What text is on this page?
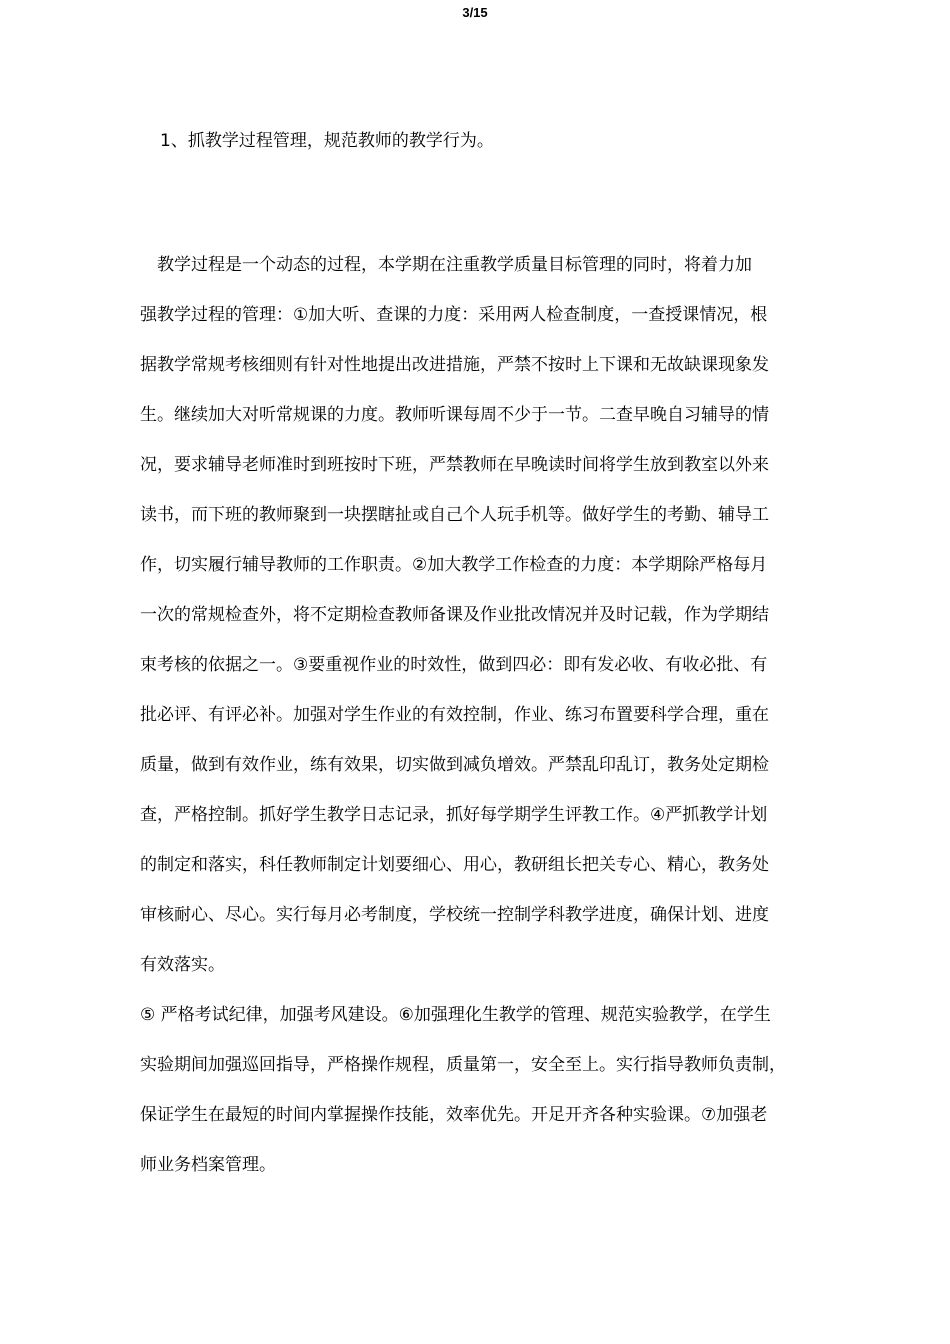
3/15
1、抓教学过程管理，规范教师的教学行为。
　教学过程是一个动态的过程，本学期在注重教学质量目标管理的同时，将着力加
强教学过程的管理：①加大听、查课的力度：采用两人检查制度，一查授课情况，根
据教学常规考核细则有针对性地提出改进措施，严禁不按时上下课和无故缺课现象发
生。继续加大对听常规课的力度。教师听课每周不少于一节。二查早晚自习辅导的情
况，要求辅导老师准时到班按时下班，严禁教师在早晚读时间将学生放到教室以外来
读书，而下班的教师聚到一块摆瞎扯或自己个人玩手机等。做好学生的考勤、辅导工
作，切实履行辅导教师的工作职责。②加大教学工作检查的力度：本学期除严格每月
一次的常规检查外，将不定期检查教师备课及作业批改情况并及时记载，作为学期结
束考核的依据之一。③要重视作业的时效性，做到四必：即有发必收、有收必批、有
批必评、有评必补。加强对学生作业的有效控制，作业、练习布置要科学合理，重在
质量，做到有效作业，练有效果，切实做到减负增效。严禁乱印乱订，教务处定期检
查，严格控制。抓好学生教学日志记录，抓好每学期学生评教工作。④严抓教学计划
的制定和落实，科任教师制定计划要细心、用心，教研组长把关专心、精心，教务处
审核耐心、尽心。实行每月必考制度，学校统一控制学科教学进度，确保计划、进度
有效落实。
⑤ 严格考试纪律，加强考风建设。⑥加强理化生教学的管理、规范实验教学，在学生
实验期间加强巡回指导，严格操作规程，质量第一，安全至上。实行指导教师负责制，
保证学生在最短的时间内掌握操作技能，效率优先。开足开齐各种实验课。⑦加强老
师业务档案管理。
